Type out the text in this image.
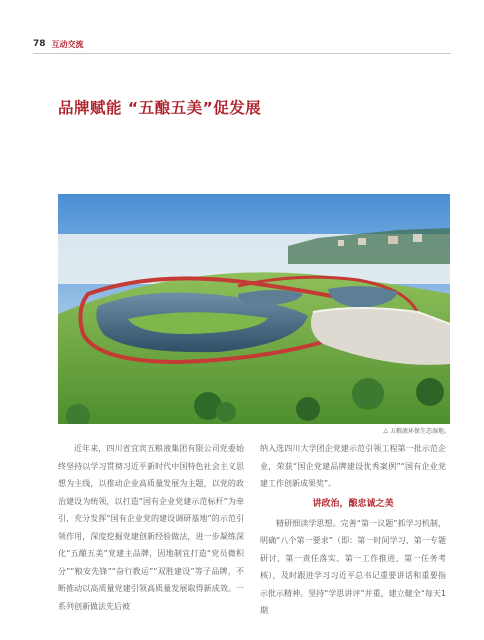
78 互动交流
品牌赋能 “五酿五美”促发展
△ 五粮液环保生态湿地。

近年来，四川省宜宾五粮液集团有限公司党委始终坚持以学习贯彻习近平新时代中国特色社会主义思想为主线，以推动企业高质量发展为主题，以党的政治建设为统领，以打造“国有企业党建示范标杆”为牵引，充分发挥“国有企业党的建设调研基地”的示范引领作用，深度挖掘党建创新经验做法，进一步凝练深化“五酿五美”党建主品牌，因地制宜打造“党员微积分”“粮安先锋”“奋行教运”“双胜建设”等子品牌，不断推动以高质量党建引领高质量发展取得新成效。一系列创新做法先后被

纳入选四川大学团企党建示范引领工程第一批示范企业，荣获“国企党建品牌建设优秀案例”“国有企业党建工作创新成果奖”。

讲政治，酿忠诚之美

精研细读学思想。完善“第一议题”抓学习机制，明确“八个第一要求”（即：第一时间学习、第一专题研讨、第一责任落实、第一工作推进、第一任务考核），及时跟进学习习近平总书记重要讲话和重要指示批示精神。坚持“学思讲评”并重，建立健全“每天1期
